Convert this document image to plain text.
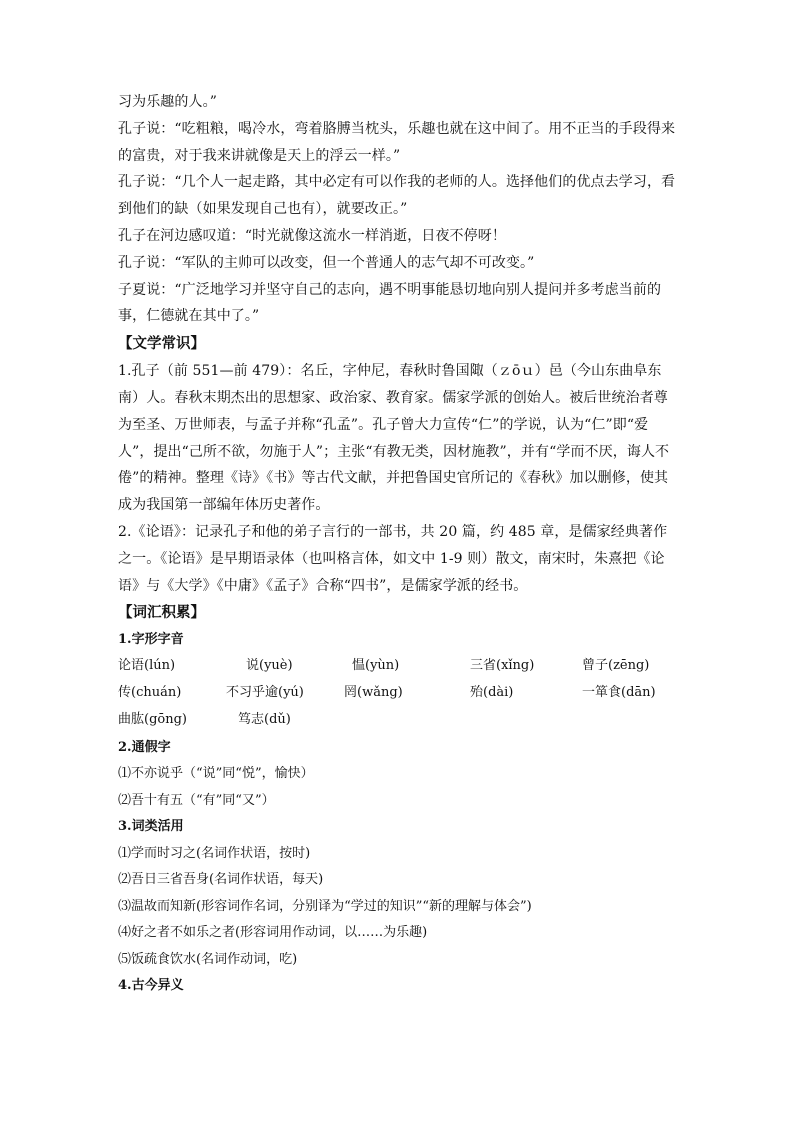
习为乐趣的人。”

孔子说：“吃粗粮，喝冷水，弯着胳膊当枕头，乐趣也就在这中间了。用不正当的手段得来的富贵，对于我来讲就像是天上的浮云一样。”

孔子说：“几个人一起走路，其中必定有可以作我的老师的人。选择他们的优点去学习，看到他们的缺（如果发现自己也有），就要改正。”

孔子在河边感叹道：“时光就像这流水一样消逝，日夜不停呀！

孔子说：“军队的主帅可以改变，但一个普通人的志气却不可改变。”

子夏说：“广泛地学习并坚守自己的志向，遇不明事能恳切地向别人提问并多考虑当前的事，仁德就在其中了。”

【文学常识】

1.孔子（前 551—前 479）：名丘，字仲尼，春秋时鲁国陬（ｚōｕ）邑（今山东曲阜东南）人。春秋末期杰出的思想家、政治家、教育家。儒家学派的创始人。被后世统治者尊为至圣、万世师表，与孟子并称“孔孟”。孔子曾大力宣传“仁”的学说，认为“仁”即“爱人”，提出“己所不欲，勿施于人”；主张“有教无类，因材施教”，并有“学而不厌，诲人不倦”的精神。整理《诗》《书》等古代文献，并把鲁国史官所记的《春秋》加以删修，使其成为我国第一部编年体历史著作。

2.《论语》：记录孔子和他的弟子言行的一部书，共 20 篇，约 485 章，是儒家经典著作之一。《论语》是早期语录体（也叫格言体，如文中 1-9 则）散文，南宋时，朱熹把《论语》与《大学》《中庸》《孟子》合称“四书”，是儒家学派的经书。

【词汇积累】

1.字形字音

论语(lún)	说(yuè)	愠(yùn)	三省(xǐng)	曾子(zēng)
传(chuán)	不习乎逾(yú)	罔(wǎng)	殆(dài)	一箪食(dān)
曲肱(gōng)	笃志(dǔ)

2.通假字

⑴不亦说乎（“说”同“悦”，愉快）

⑵吾十有五（“有”同“又”）

3.词类活用

⑴学而时习之(名词作状语，按时)

⑵吾日三省吾身(名词作状语，每天)

⑶温故而知新(形容词作名词，分别译为“学过的知识”“新的理解与体会”)

⑷好之者不如乐之者(形容词用作动词，以……为乐趣)

⑸饭疏食饮水(名词作动词，吃)

4.古今异义
